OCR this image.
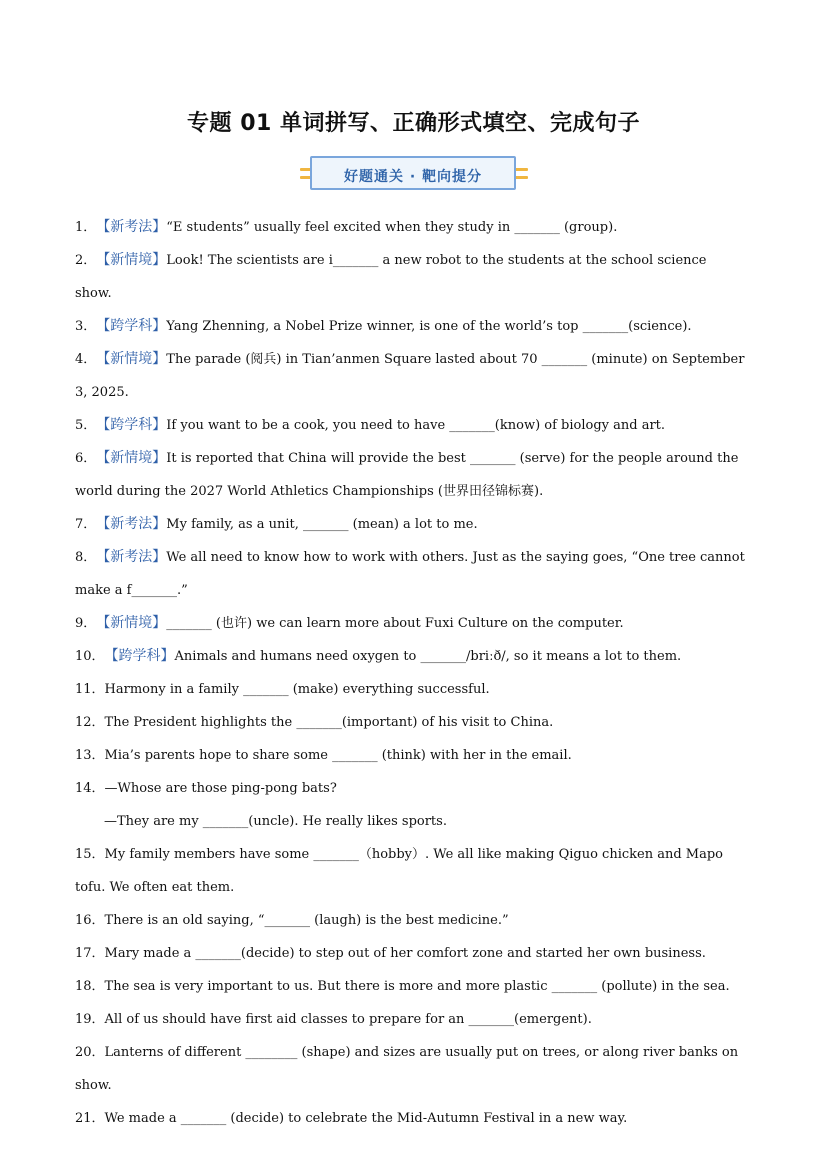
专题 01 单词拼写、正确形式填空、完成句子
好题通关 · 靶向提分

1．【新考法】“E students” usually feel excited when they study in _______ (group).

2．【新情境】Look! The scientists are i_______ a new robot to the students at the school science show.

3．【跨学科】Yang Zhenning, a Nobel Prize winner, is one of the world’s top _______(science).

4．【新情境】The parade (阅兵) in Tian’anmen Square lasted about 70 _______ (minute) on September 3, 2025.

5．【跨学科】If you want to be a cook, you need to have _______(know) of biology and art.

6．【新情境】It is reported that China will provide the best _______ (serve) for the people around the world during the 2027 World Athletics Championships (世界田径锦标赛).

7．【新考法】My family, as a unit, _______ (mean) a lot to me.

8．【新考法】We all need to know how to work with others. Just as the saying goes, “One tree cannot make a f_______.”

9．【新情境】_______ (也许) we can learn more about Fuxi Culture on the computer.

10．【跨学科】Animals and humans need oxygen to _______/briːð/, so it means a lot to them.

11．Harmony in a family _______ (make) everything successful.

12．The President highlights the _______(important) of his visit to China.

13．Mia’s parents hope to share some _______ (think) with her in the email.

14．—Whose are those ping-pong bats?

—They are my _______(uncle). He really likes sports.

15．My family members have some _______（hobby）. We all like making Qiguo chicken and Mapo tofu. We often eat them.

16．There is an old saying, “_______ (laugh) is the best medicine.”

17．Mary made a _______(decide) to step out of her comfort zone and started her own business.

18．The sea is very important to us. But there is more and more plastic _______ (pollute) in the sea.

19．All of us should have first aid classes to prepare for an _______(emergent).

20．Lanterns of different ________ (shape) and sizes are usually put on trees, or along river banks on show.

21．We made a _______ (decide) to celebrate the Mid-Autumn Festival in a new way.
